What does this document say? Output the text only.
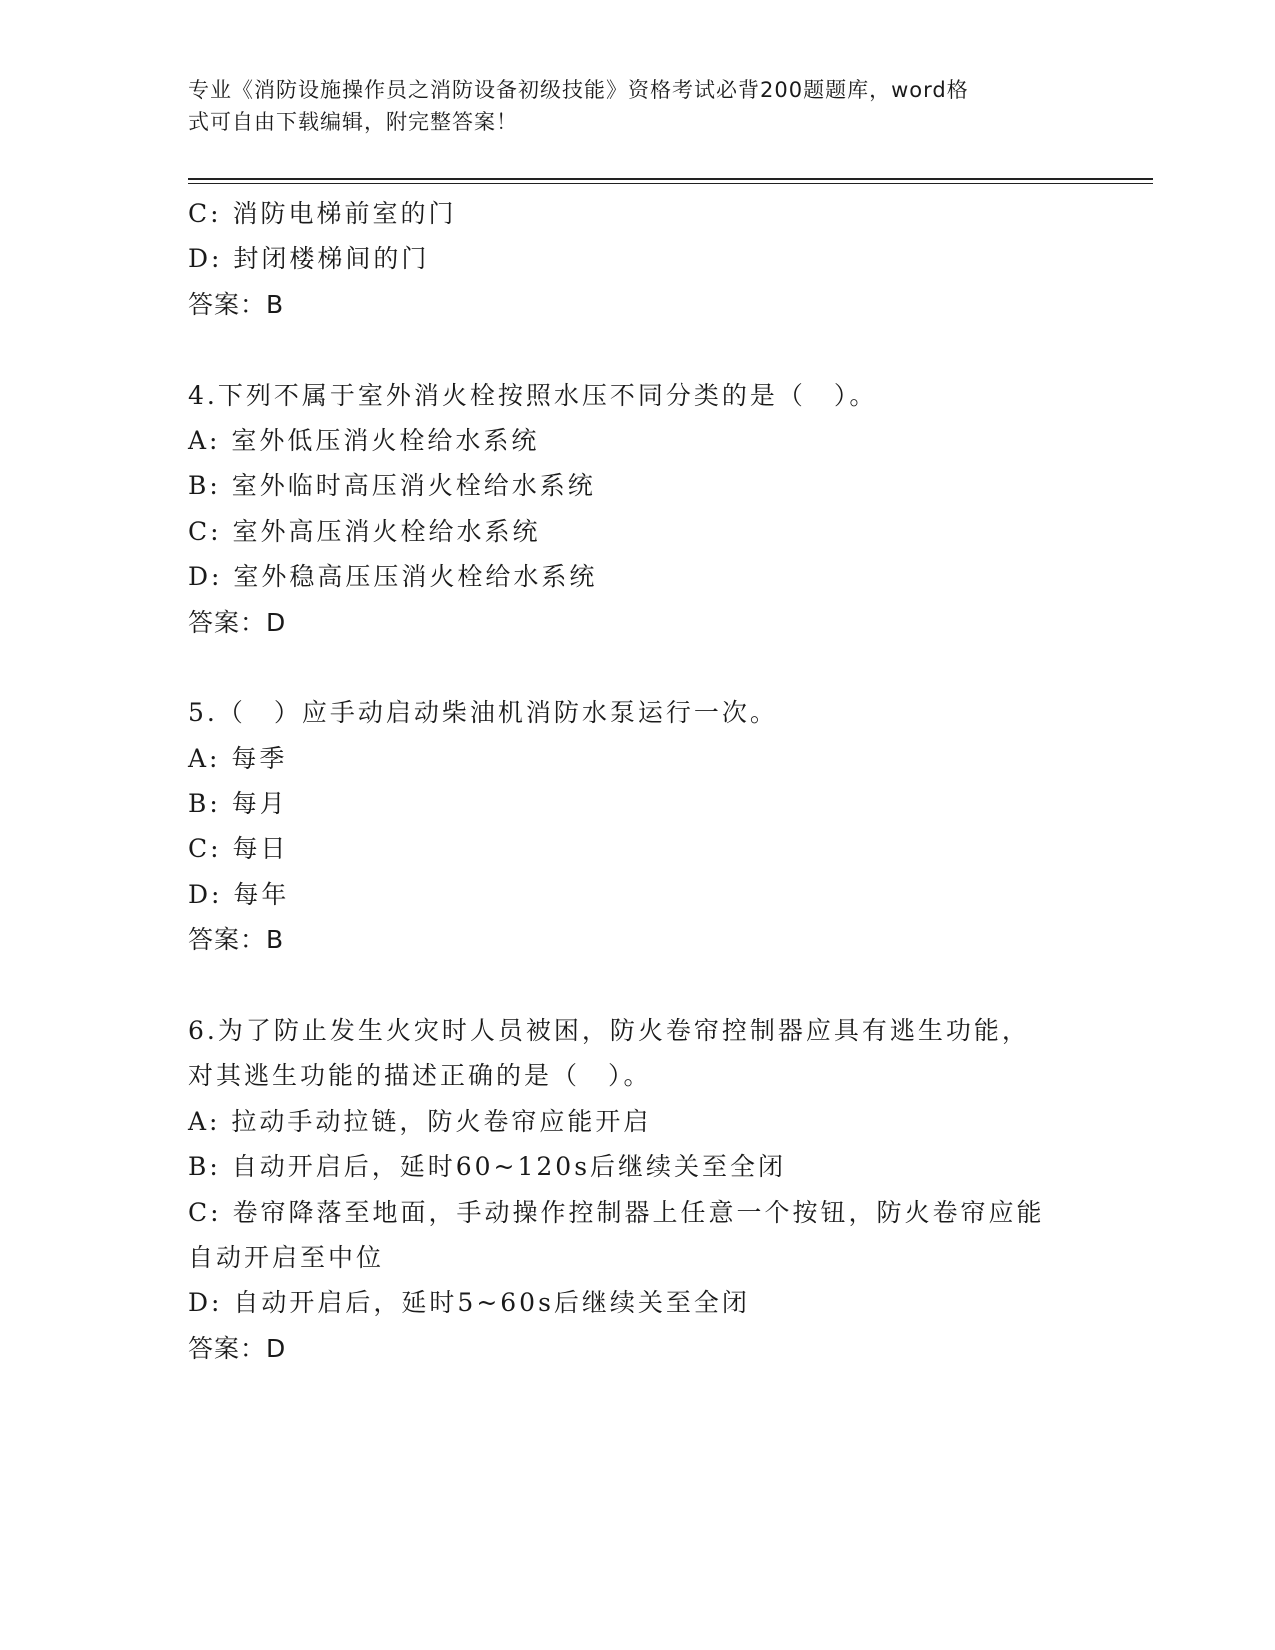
专业《消防设施操作员之消防设备初级技能》资格考试必背200题题库，word格
式可自由下载编辑，附完整答案！
C: 消防电梯前室的门
D: 封闭楼梯间的门
答案：B
4.下列不属于室外消火栓按照水压不同分类的是（　）。
A: 室外低压消火栓给水系统
B: 室外临时高压消火栓给水系统
C: 室外高压消火栓给水系统
D: 室外稳高压压消火栓给水系统
答案：D
5.（　）应手动启动柴油机消防水泵运行一次。
A: 每季
B: 每月
C: 每日
D: 每年
答案：B
6.为了防止发生火灾时人员被困，防火卷帘控制器应具有逃生功能，
对其逃生功能的描述正确的是（　）。
A: 拉动手动拉链，防火卷帘应能开启
B: 自动开启后，延时60~120s后继续关至全闭
C: 卷帘降落至地面，手动操作控制器上任意一个按钮，防火卷帘应能
自动开启至中位
D: 自动开启后，延时5~60s后继续关至全闭
答案：D
